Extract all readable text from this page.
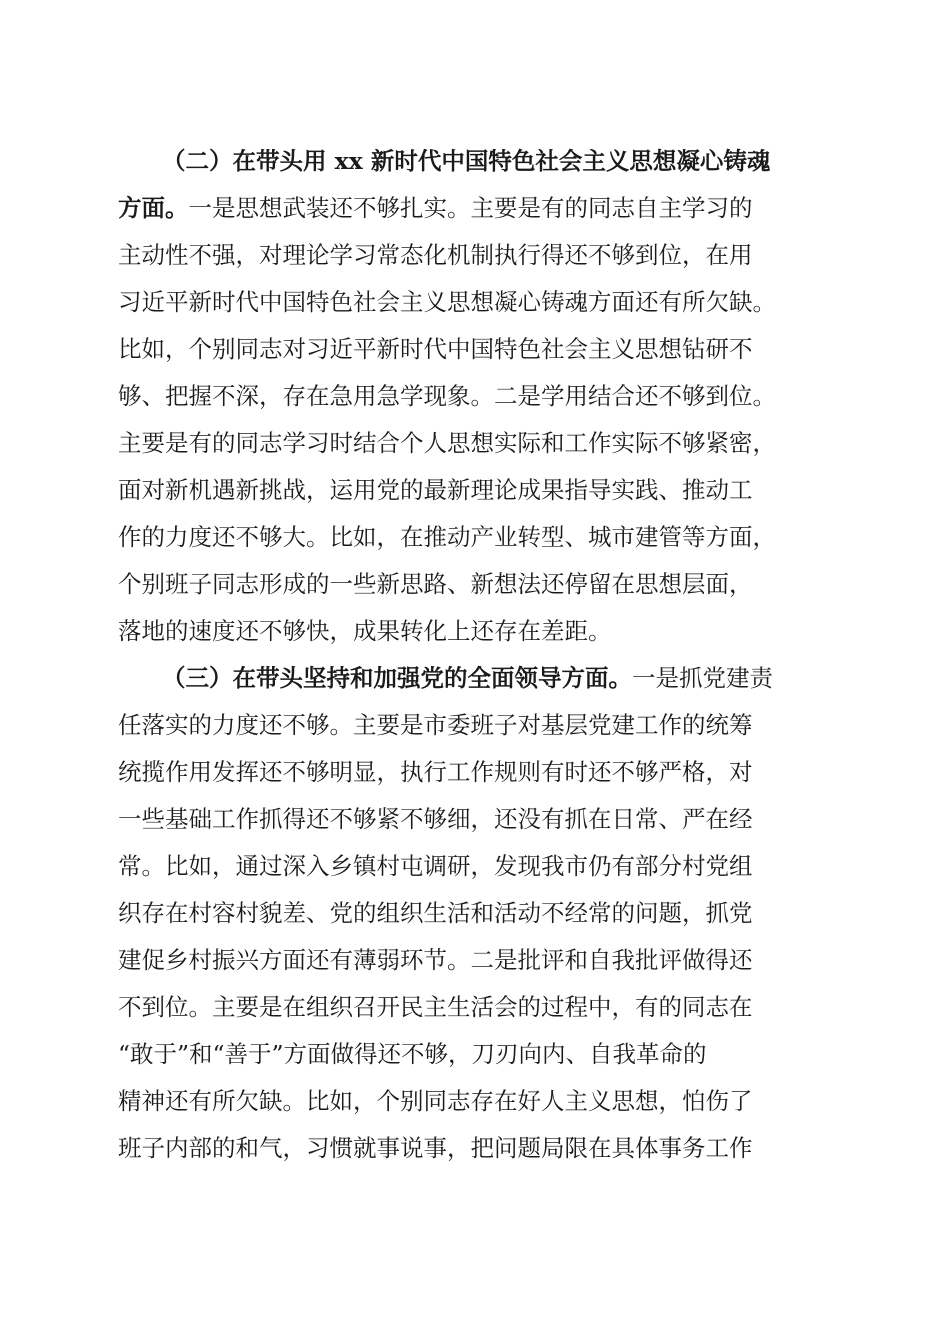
（二）在带头用 xx 新时代中国特色社会主义思想凝心铸魂
方面。一是思想武装还不够扎实。主要是有的同志自主学习的
主动性不强，对理论学习常态化机制执行得还不够到位，在用
习近平新时代中国特色社会主义思想凝心铸魂方面还有所欠缺。
比如，个别同志对习近平新时代中国特色社会主义思想钻研不
够、把握不深，存在急用急学现象。二是学用结合还不够到位。
主要是有的同志学习时结合个人思想实际和工作实际不够紧密，
面对新机遇新挑战，运用党的最新理论成果指导实践、推动工
作的力度还不够大。比如，在推动产业转型、城市建管等方面，
个别班子同志形成的一些新思路、新想法还停留在思想层面，
落地的速度还不够快，成果转化上还存在差距。
（三）在带头坚持和加强党的全面领导方面。一是抓党建责
任落实的力度还不够。主要是市委班子对基层党建工作的统筹
统揽作用发挥还不够明显，执行工作规则有时还不够严格，对
一些基础工作抓得还不够紧不够细，还没有抓在日常、严在经
常。比如，通过深入乡镇村屯调研，发现我市仍有部分村党组
织存在村容村貌差、党的组织生活和活动不经常的问题，抓党
建促乡村振兴方面还有薄弱环节。二是批评和自我批评做得还
不到位。主要是在组织召开民主生活会的过程中，有的同志在
“敢于”和“善于”方面做得还不够，刀刃向内、自我革命的
精神还有所欠缺。比如，个别同志存在好人主义思想，怕伤了
班子内部的和气，习惯就事说事，把问题局限在具体事务工作
